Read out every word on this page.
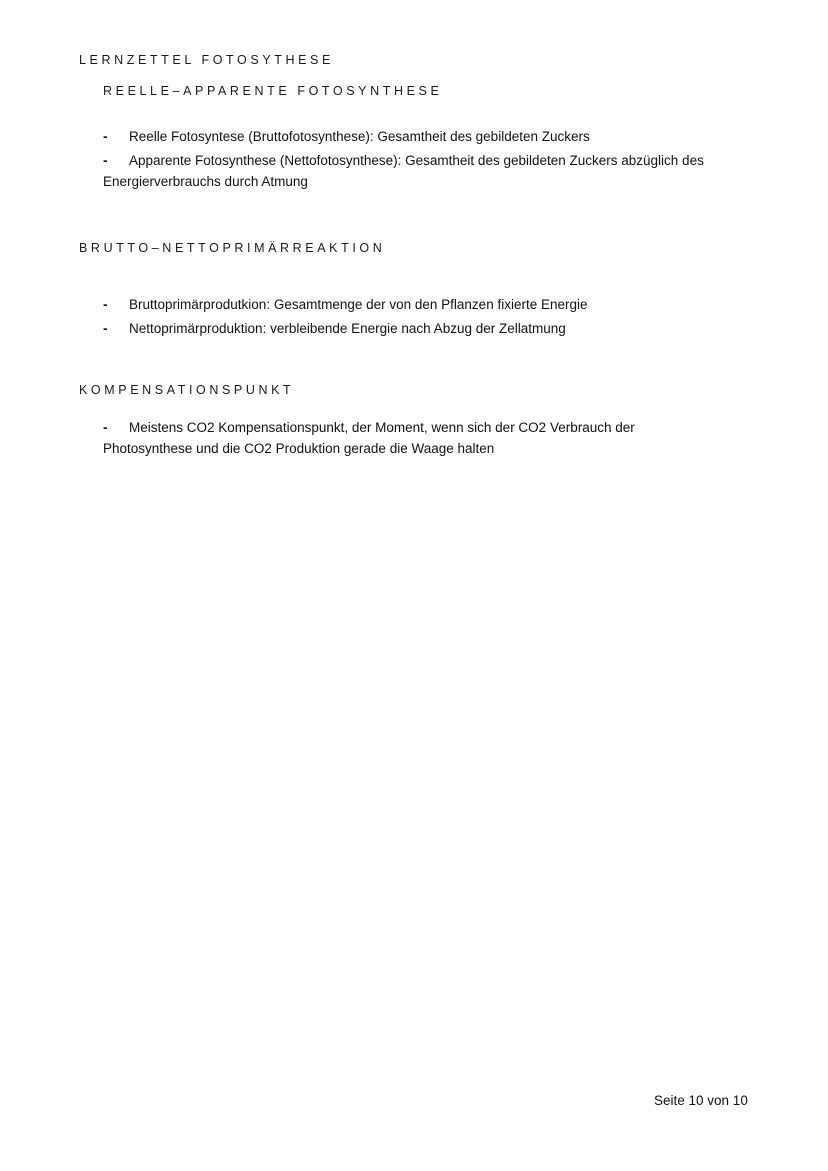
LERNZETTEL FOTOSYTHESE
REELLE–APPARENTE FOTOSYNTHESE
- Reelle Fotosyntese (Bruttofotosynthese): Gesamtheit des gebildeten Zuckers
- Apparente Fotosynthese (Nettofotosynthese): Gesamtheit des gebildeten Zuckers abzüglich des
Energierverbrauchs durch Atmung
BRUTTO–NETTOPRIMÄRREAKTION
- Bruttoprimärprodutkion: Gesamtmenge der von den Pflanzen fixierte Energie
- Nettoprimärproduktion: verbleibende Energie nach Abzug der Zellatmung
KOMPENSATIONSPUNKT
- Meistens CO2 Kompensationspunkt, der Moment, wenn sich der CO2 Verbrauch der
Photosynthese und die CO2 Produktion gerade die Waage halten
Seite 10 von 10
